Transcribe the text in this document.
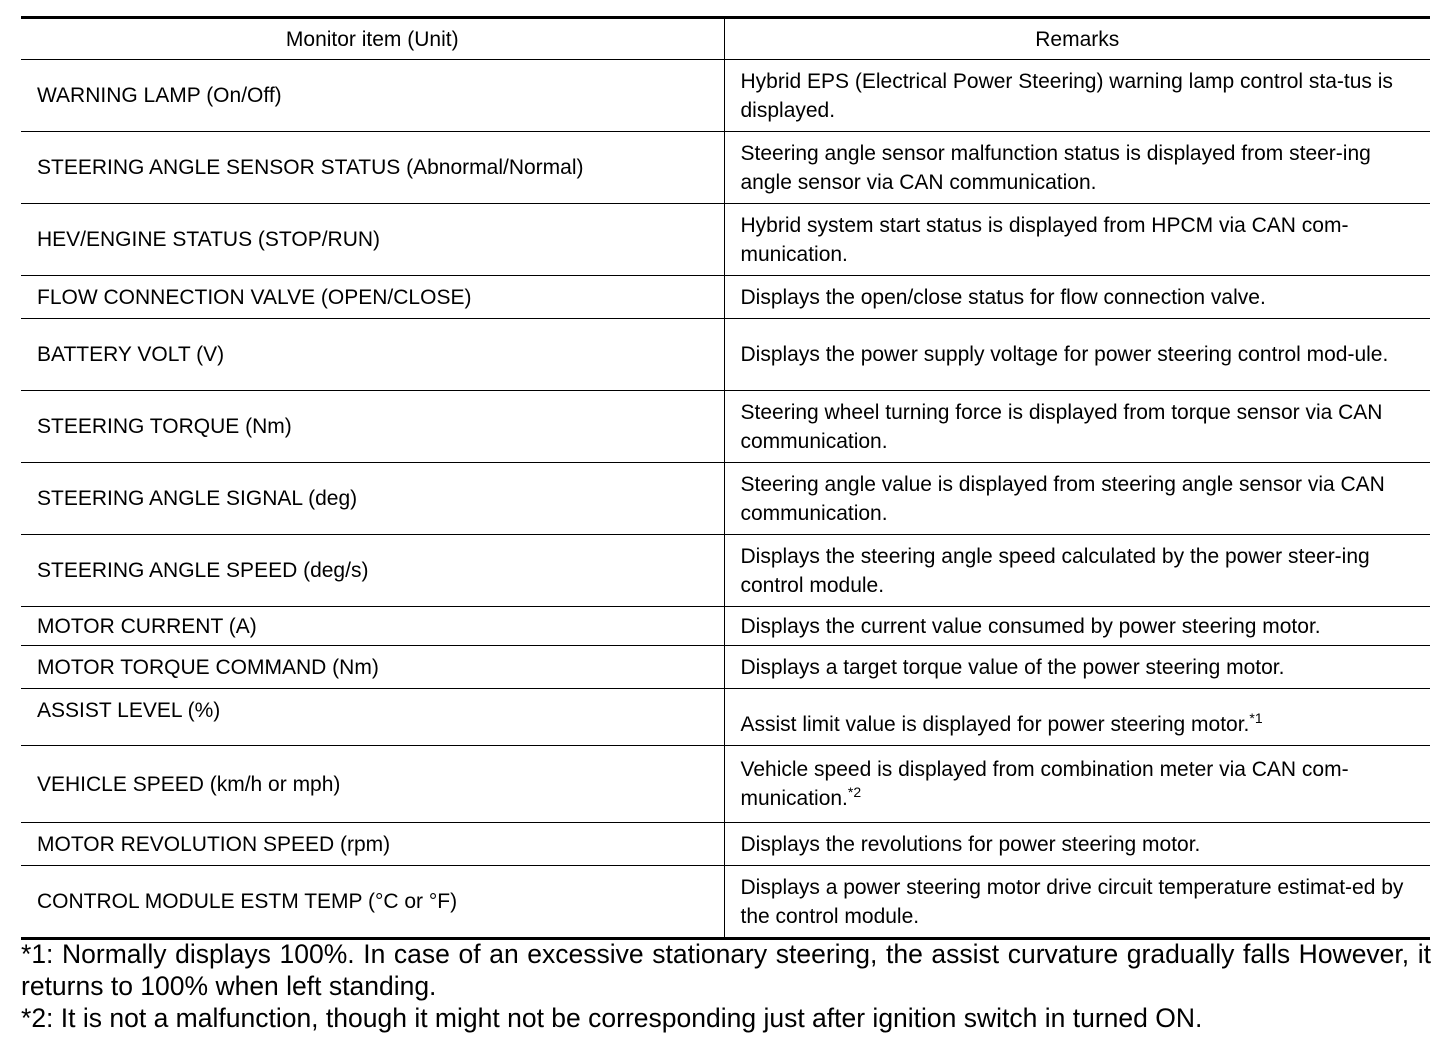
Monitor item (Unit)	Remarks
WARNING LAMP (On/Off)	Hybrid EPS (Electrical Power Steering) warning lamp control sta-tus is displayed.
STEERING ANGLE SENSOR STATUS (Abnormal/Normal)	Steering angle sensor malfunction status is displayed from steer-ing angle sensor via CAN communication.
HEV/ENGINE STATUS (STOP/RUN)	Hybrid system start status is displayed from HPCM via CAN com-munication.
FLOW CONNECTION VALVE (OPEN/CLOSE)	Displays the open/close status for flow connection valve.
BATTERY VOLT (V)	Displays the power supply voltage for power steering control mod-ule.
STEERING TORQUE (Nm)	Steering wheel turning force is displayed from torque sensor via CAN communication.
STEERING ANGLE SIGNAL (deg)	Steering angle value is displayed from steering angle sensor via CAN communication.
STEERING ANGLE SPEED (deg/s)	Displays the steering angle speed calculated by the power steer-ing control module.
MOTOR CURRENT (A)	Displays the current value consumed by power steering motor.
MOTOR TORQUE COMMAND (Nm)	Displays a target torque value of the power steering motor.
ASSIST LEVEL (%)	Assist limit value is displayed for power steering motor.$^{*1}$
VEHICLE SPEED (km/h or mph)	Vehicle speed is displayed from combination meter via CAN com-munication.$^{*2}$
MOTOR REVOLUTION SPEED (rpm)	Displays the revolutions for power steering motor.
CONTROL MODULE ESTM TEMP (°C or °F)	Displays a power steering motor drive circuit temperature estimat-ed by the control module.

*1: Normally displays 100%. In case of an excessive stationary steering, the assist curvature gradually falls However, it returns to 100% when left standing.

*2: It is not a malfunction, though it might not be corresponding just after ignition switch in turned ON.
